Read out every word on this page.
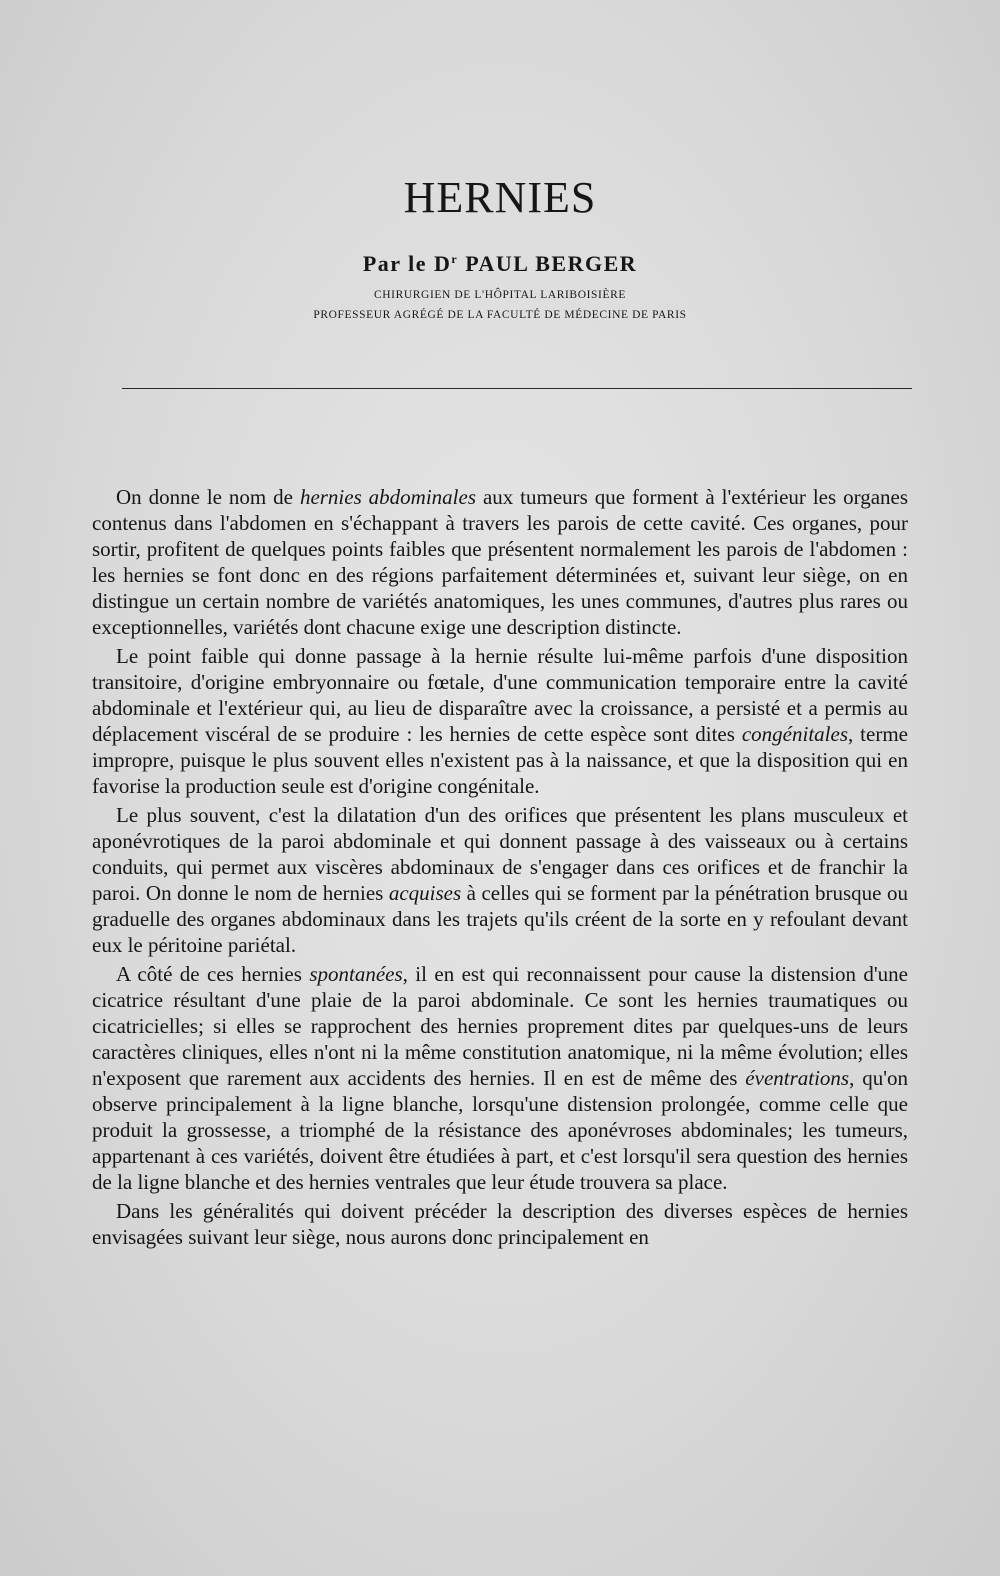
HERNIES
Par le $D^r$ PAUL BERGER
CHIRURGIEN DE L'HÔPITAL LARIBOISIÈRE
PROFESSEUR AGRÉGÉ DE LA FACULTÉ DE MÉDECINE DE PARIS

On donne le nom de hernies abdominales aux tumeurs que forment à l'extérieur les organes contenus dans l'abdomen en s'échappant à travers les parois de cette cavité. Ces organes, pour sortir, profitent de quelques points faibles que présentent normalement les parois de l'abdomen : les hernies se font donc en des régions parfaitement déterminées et, suivant leur siège, on en distingue un certain nombre de variétés anatomiques, les unes communes, d'autres plus rares ou exceptionnelles, variétés dont chacune exige une description distincte.

Le point faible qui donne passage à la hernie résulte lui-même parfois d'une disposition transitoire, d'origine embryonnaire ou fœtale, d'une communication temporaire entre la cavité abdominale et l'extérieur qui, au lieu de disparaître avec la croissance, a persisté et a permis au déplacement viscéral de se produire : les hernies de cette espèce sont dites congénitales, terme impropre, puisque le plus souvent elles n'existent pas à la naissance, et que la disposition qui en favorise la production seule est d'origine congénitale.

Le plus souvent, c'est la dilatation d'un des orifices que présentent les plans musculeux et aponévrotiques de la paroi abdominale et qui donnent passage à des vaisseaux ou à certains conduits, qui permet aux viscères abdominaux de s'engager dans ces orifices et de franchir la paroi. On donne le nom de hernies acquises à celles qui se forment par la pénétration brusque ou graduelle des organes abdominaux dans les trajets qu'ils créent de la sorte en y refoulant devant eux le péritoine pariétal.

A côté de ces hernies spontanées, il en est qui reconnaissent pour cause la distension d'une cicatrice résultant d'une plaie de la paroi abdominale. Ce sont les hernies traumatiques ou cicatricielles; si elles se rapprochent des hernies proprement dites par quelques-uns de leurs caractères cliniques, elles n'ont ni la même constitution anatomique, ni la même évolution; elles n'exposent que rarement aux accidents des hernies. Il en est de même des éventrations, qu'on observe principalement à la ligne blanche, lorsqu'une distension prolongée, comme celle que produit la grossesse, a triomphé de la résistance des aponévroses abdominales; les tumeurs, appartenant à ces variétés, doivent être étudiées à part, et c'est lorsqu'il sera question des hernies de la ligne blanche et des hernies ventrales que leur étude trouvera sa place.

Dans les généralités qui doivent précéder la description des diverses espèces de hernies envisagées suivant leur siège, nous aurons donc principalement en
